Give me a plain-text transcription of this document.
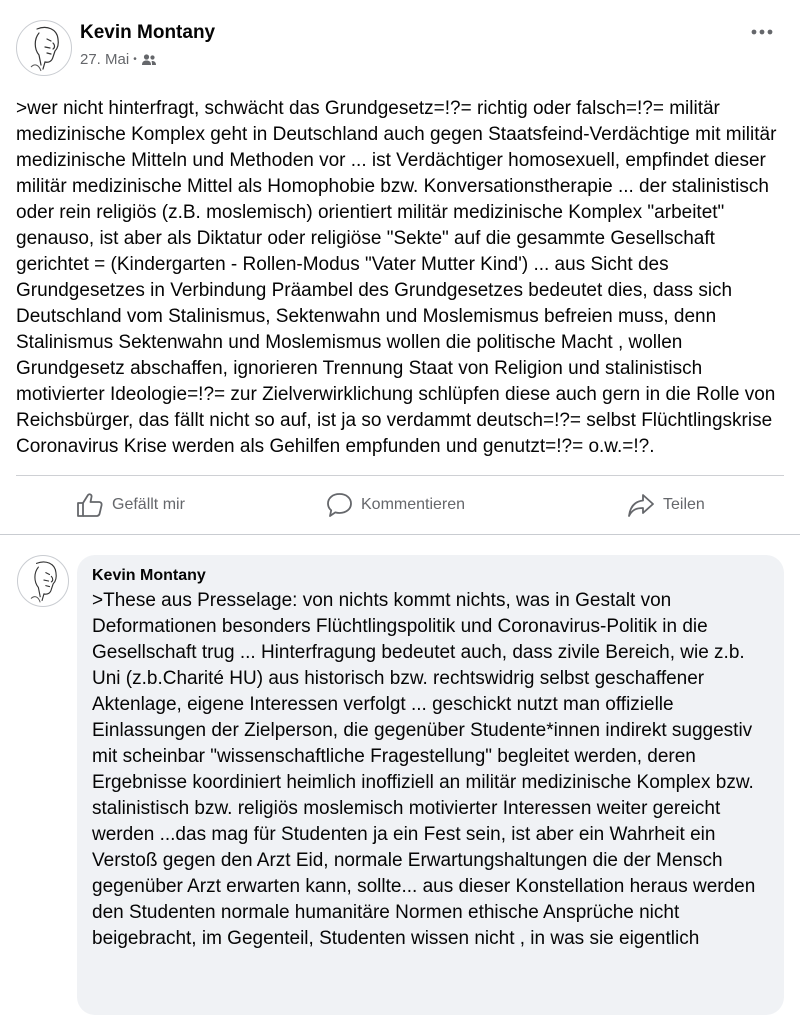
Kevin Montany
27. Mai •
>wer nicht hinterfragt, schwächt das Grundgesetz=!?= richtig oder falsch=!?= militär medizinische Komplex geht in Deutschland auch gegen Staatsfeind-Verdächtige mit militär medizinische Mitteln und Methoden vor ... ist Verdächtiger homosexuell, empfindet dieser militär medizinische Mittel als Homophobie bzw. Konversationstherapie ... der stalinistisch oder rein religiös (z.B. moslemisch) orientiert militär medizinische Komplex "arbeitet" genauso, ist aber als Diktatur oder religiöse "Sekte" auf die gesammte Gesellschaft gerichtet = (Kindergarten - Rollen-Modus "Vater Mutter Kind') ... aus Sicht des Grundgesetzes in Verbindung Präambel des Grundgesetzes bedeutet dies, dass sich Deutschland vom Stalinismus, Sektenwahn und Moslemismus befreien muss, denn Stalinismus Sektenwahn und Moslemismus wollen die politische Macht , wollen Grundgesetz abschaffen, ignorieren Trennung Staat von Religion und stalinistisch motivierter Ideologie=!?= zur Zielverwirklichung schlüpfen diese auch gern in die Rolle von Reichsbürger, das fällt nicht so auf, ist ja so verdammt deutsch=!?= selbst Flüchtlingskrise Coronavirus Krise werden als Gehilfen empfunden und genutzt=!?= o.w.=!?.
Gefällt mir	Kommentieren	Teilen
Kevin Montany
>These aus Presselage: von nichts kommt nichts, was in Gestalt von Deformationen besonders Flüchtlingspolitik und Coronavirus-Politik in die Gesellschaft trug ... Hinterfragung bedeutet auch, dass zivile Bereich, wie z.b. Uni (z.b.Charité HU) aus historisch bzw. rechtswidrig selbst geschaffener Aktenlage, eigene Interessen verfolgt ... geschickt nutzt man offizielle Einlassungen der Zielperson, die gegenüber Studente*innen indirekt suggestiv mit scheinbar "wissenschaftliche Fragestellung" begleitet werden, deren Ergebnisse koordiniert heimlich inoffiziell an militär medizinische Komplex bzw. stalinistisch bzw. religiös moslemisch motivierter Interessen weiter gereicht werden ...das mag für Studenten ja ein Fest sein, ist aber ein Wahrheit ein Verstoß gegen den Arzt Eid, normale Erwartungshaltungen die der Mensch gegenüber Arzt erwarten kann, sollte... aus dieser Konstellation heraus werden den Studenten normale humanitäre Normen ethische Ansprüche nicht beigebracht, im Gegenteil, Studenten wissen nicht , in was sie eigentlich
